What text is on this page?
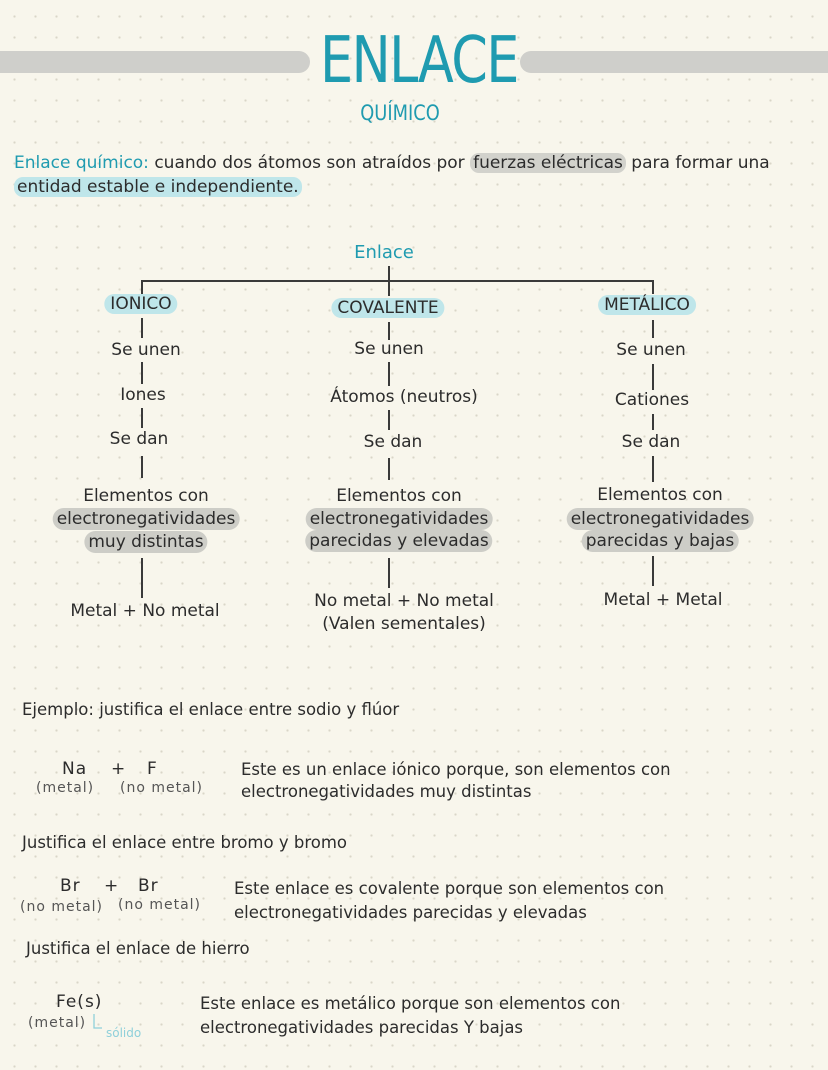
ENLACE
QUÍMICO
Enlace químico: cuando dos átomos son atraídos por fuerzas eléctricas para formar una
entidad estable e independiente.
Enlace
IONICO
Se unen
Iones
Se dan
Elementos con
electronegatividades
muy distintas
Metal + No metal
COVALENTE
Se unen
Átomos (neutros)
Se dan
Elementos con
electronegatividades
parecidas y elevadas
No metal + No metal
(Valen sementales)
METÁLICO
Se unen
Cationes
Se dan
Elementos con
electronegatividades
parecidas y bajas
Metal + Metal
Ejemplo: justifica el enlace entre sodio y flúor
Na + F
(metal) (no metal)
Este es un enlace iónico porque, son elementos con
electronegatividades muy distintas
Justifica el enlace entre bromo y bromo
Br + Br
(no metal) (no metal)
Este enlace es covalente porque son elementos con
electronegatividades parecidas y elevadas
Justifica el enlace de hierro
Fe(s)
(metal)
sólido
Este enlace es metálico porque son elementos con
electronegatividades parecidas Y bajas
